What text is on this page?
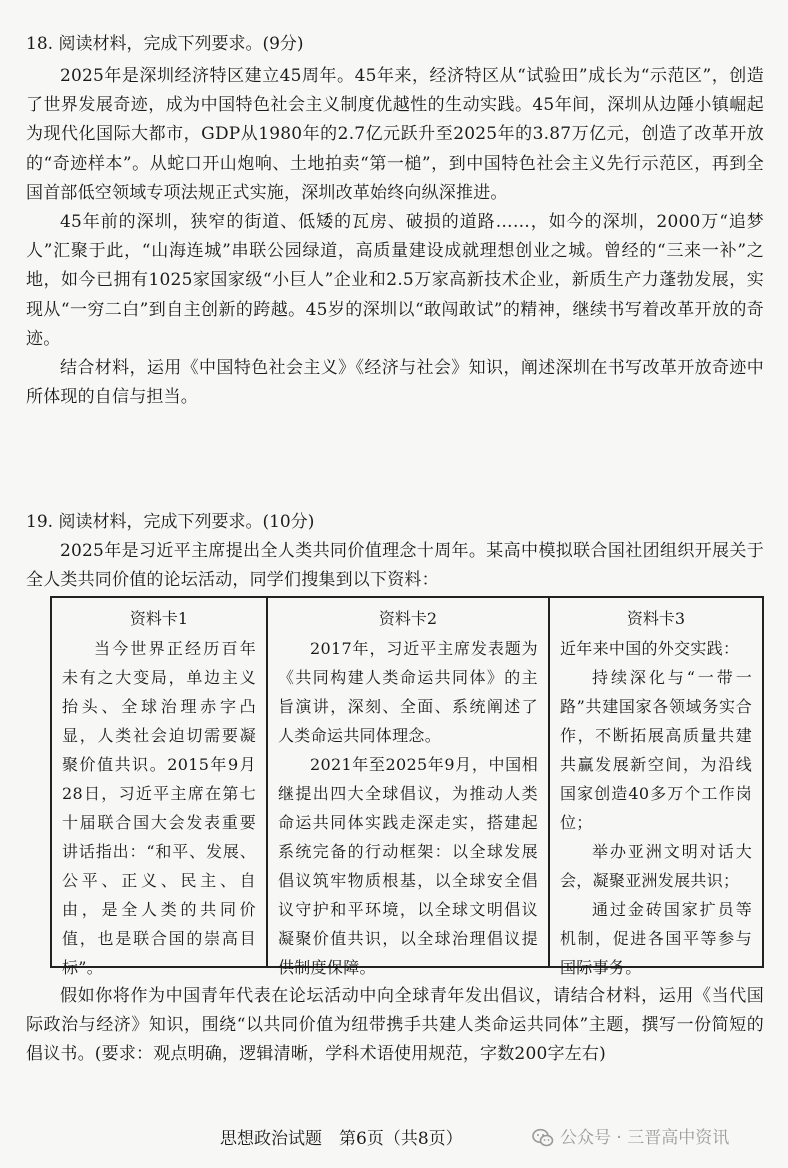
18. 阅读材料，完成下列要求。(9分)

2025年是深圳经济特区建立45周年。45年来，经济特区从“试验田”成长为“示范区”，创造了世界发展奇迹，成为中国特色社会主义制度优越性的生动实践。45年间，深圳从边陲小镇崛起为现代化国际大都市，GDP从1980年的2.7亿元跃升至2025年的3.87万亿元，创造了改革开放的“奇迹样本”。从蛇口开山炮响、土地拍卖“第一槌”，到中国特色社会主义先行示范区，再到全国首部低空领域专项法规正式实施，深圳改革始终向纵深推进。

45年前的深圳，狭窄的街道、低矮的瓦房、破损的道路……，如今的深圳，2000万“追梦人”汇聚于此，“山海连城”串联公园绿道，高质量建设成就理想创业之城。曾经的“三来一补”之地，如今已拥有1025家国家级“小巨人”企业和2.5万家高新技术企业，新质生产力蓬勃发展，实现从“一穷二白”到自主创新的跨越。45岁的深圳以“敢闯敢试”的精神，继续书写着改革开放的奇迹。

结合材料，运用《中国特色社会主义》《经济与社会》知识，阐述深圳在书写改革开放奇迹中所体现的自信与担当。

19. 阅读材料，完成下列要求。(10分)

2025年是习近平主席提出全人类共同价值理念十周年。某高中模拟联合国社团组织开展关于全人类共同价值的论坛活动，同学们搜集到以下资料：

资料卡1

当今世界正经历百年未有之大变局，单边主义抬头、全球治理赤字凸显，人类社会迫切需要凝聚价值共识。2015年9月28日，习近平主席在第七十届联合国大会发表重要讲话指出：“和平、发展、公平、正义、民主、自由，是全人类的共同价值，也是联合国的崇高目标”。

资料卡2

2017年，习近平主席发表题为《共同构建人类命运共同体》的主旨演讲，深刻、全面、系统阐述了人类命运共同体理念。

2021年至2025年9月，中国相继提出四大全球倡议，为推动人类命运共同体实践走深走实，搭建起系统完备的行动框架：以全球发展倡议筑牢物质根基，以全球安全倡议守护和平环境，以全球文明倡议凝聚价值共识，以全球治理倡议提供制度保障。

资料卡3

近年来中国的外交实践：

持续深化与“一带一路”共建国家各领域务实合作，不断拓展高质量共建共赢发展新空间，为沿线国家创造40多万个工作岗位；

举办亚洲文明对话大会，凝聚亚洲发展共识；

通过金砖国家扩员等机制，促进各国平等参与国际事务。

假如你将作为中国青年代表在论坛活动中向全球青年发出倡议，请结合材料，运用《当代国际政治与经济》知识，围绕“以共同价值为纽带携手共建人类命运共同体”主题，撰写一份简短的倡议书。(要求：观点明确，逻辑清晰，学科术语使用规范，字数200字左右)

思想政治试题　第6页（共8页）	公众号 · 三晋高中资讯
